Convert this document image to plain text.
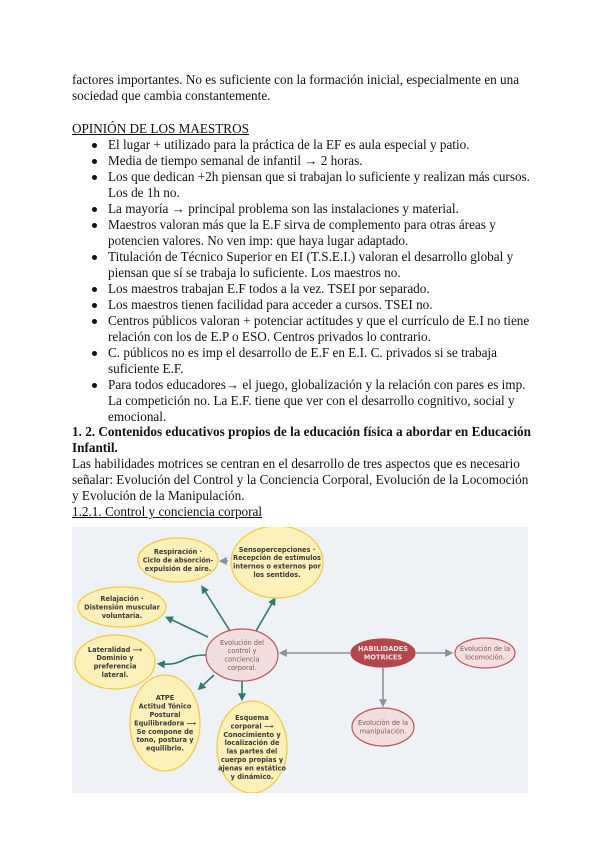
factores importantes. No es suficiente con la formación inicial, especialmente en una sociedad que cambia constantemente.
OPINIÓN DE LOS MAESTROS
El lugar + utilizado para la práctica de la EF es aula especial y patio.
Media de tiempo semanal de infantil → 2 horas.
Los que dedican +2h piensan que si trabajan lo suficiente y realizan más cursos. Los de 1h no.
La mayoría → principal problema son las instalaciones y material.
Maestros valoran más que la E.F sirva de complemento para otras áreas y potencien valores. No ven imp: que haya lugar adaptado.
Titulación de Técnico Superior en EI (T.S.E.I.) valoran el desarrollo global y piensan que sí se trabaja lo suficiente. Los maestros no.
Los maestros trabajan E.F todos a la vez. TSEI por separado.
Los maestros tienen facilidad para acceder a cursos. TSEI no.
Centros públicos valoran + potenciar actitudes y que el currículo de E.I no tiene relación con los de E.P o ESO. Centros privados lo contrario.
C. públicos no es imp el desarrollo de E.F en E.I. C. privados si se trabaja suficiente E.F.
Para todos educadores→ el juego, globalización y la relación con pares es imp. La competición no. La E.F. tiene que ver con el desarrollo cognitivo, social y emocional.
1. 2. Contenidos educativos propios de la educación física a abordar en Educación Infantil.
Las habilidades motrices se centran en el desarrollo de tres aspectos que es necesario señalar: Evolución del Control y la Conciencia Corporal, Evolución de la Locomoción y Evolución de la Manipulación.
1.2.1. Control y conciencia corporal
Respiración ·
Ciclo de absorción-
expulsión de aire.
Sensopercepciones ·
Recepción de estímulos
internos o externos por
los sentidos.
Relajación ·
Distensión muscular
voluntaria.
Lateralidad ⟶
Dominio y
preferencia
lateral.
ATPE
Actitud Tónico
Postural
Equilibradora ⟶
Se compone de
tono, postura y
equilibrio.
Esquema
corporal ⟶
Conocimiento y
localización de
las partes del
cuerpo propias y
ajenas en estático
y dinámico.
Evolución del
control y
conciencia
corporal.
HABILIDADES
MOTRICES
Evolución de la
locomoción.
Evolución de la
manipulación.
